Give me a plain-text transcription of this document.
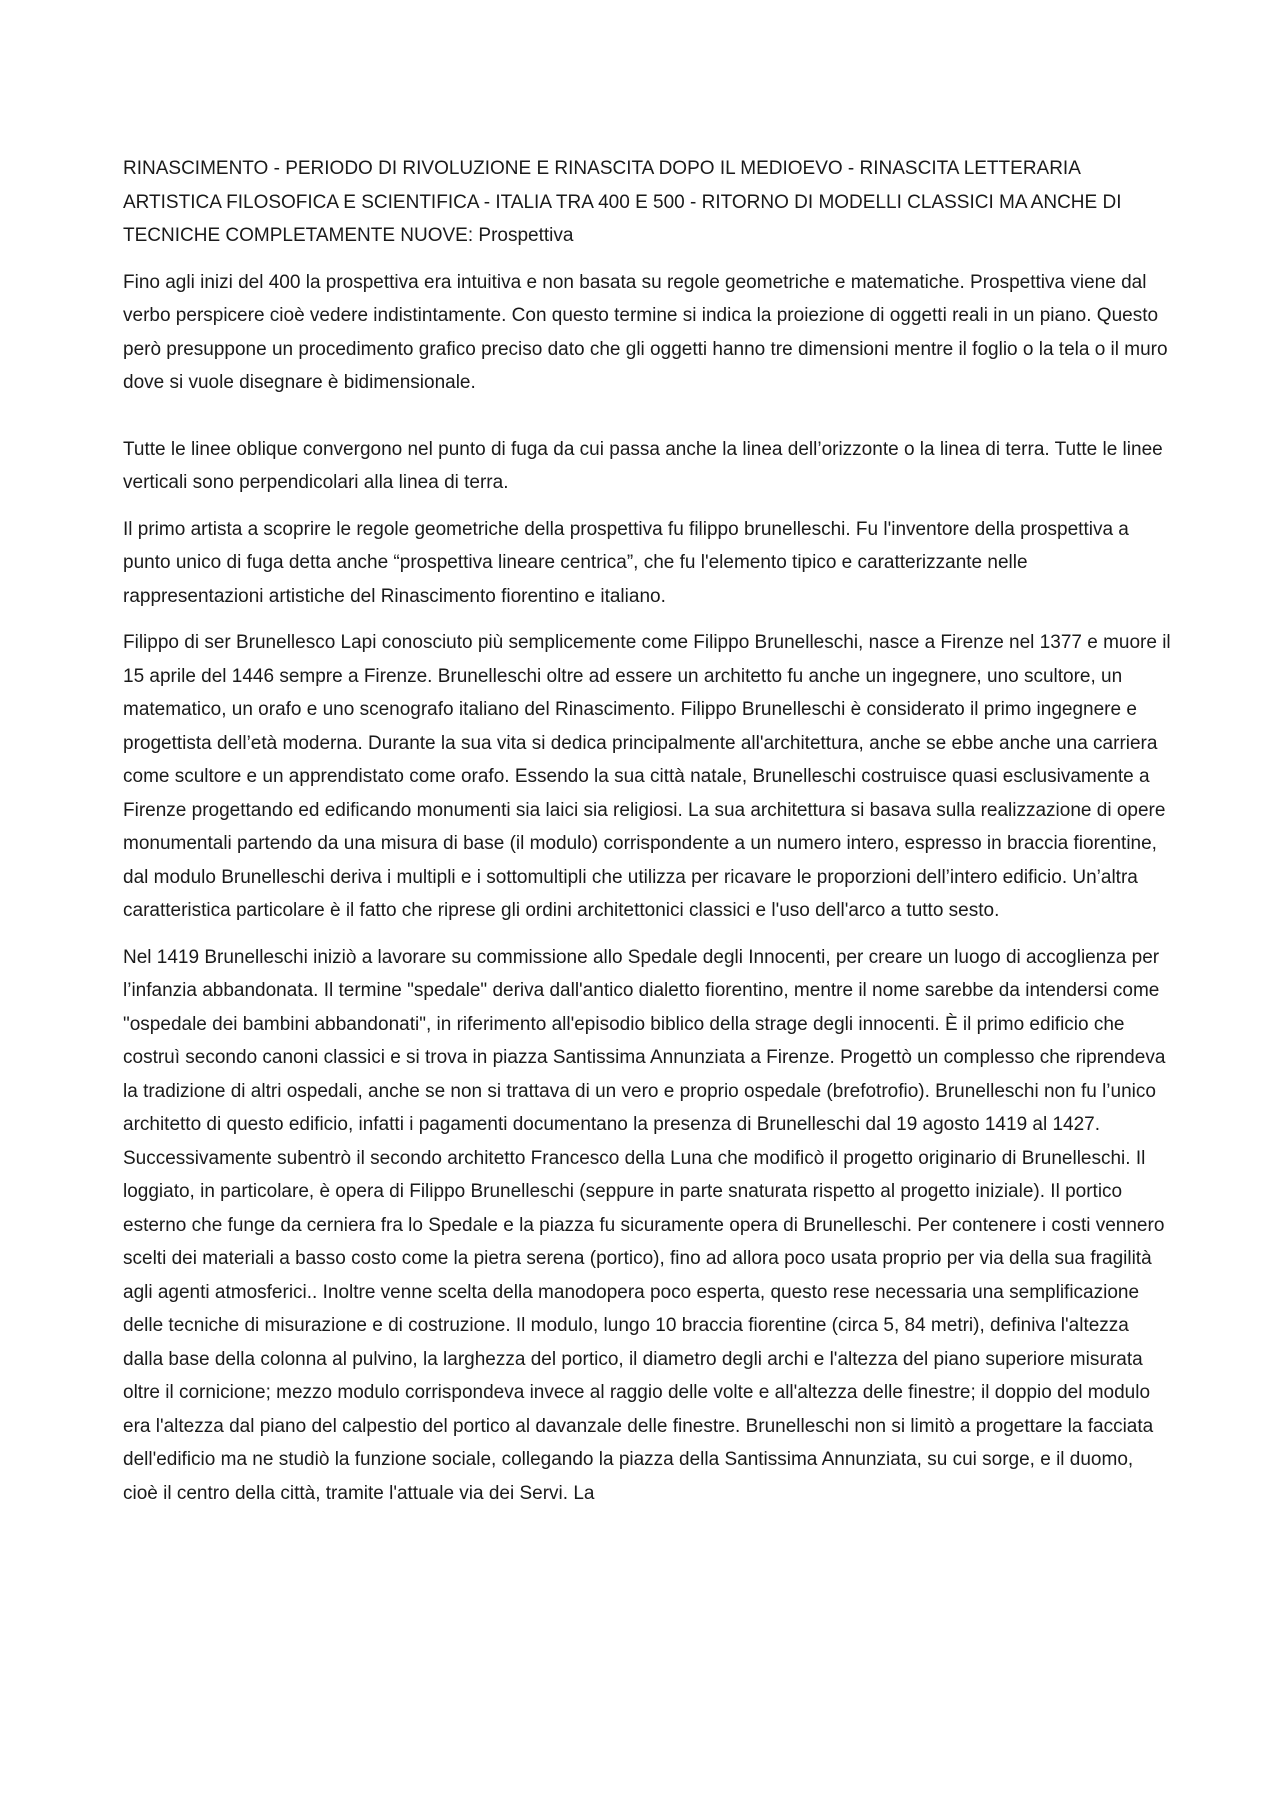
RINASCIMENTO - PERIODO DI RIVOLUZIONE E RINASCITA DOPO IL MEDIOEVO - RINASCITA LETTERARIA ARTISTICA FILOSOFICA E SCIENTIFICA - ITALIA TRA 400 E 500 - RITORNO DI MODELLI CLASSICI MA ANCHE DI TECNICHE COMPLETAMENTE NUOVE: Prospettiva

Fino agli inizi del 400 la prospettiva era intuitiva e non basata su regole geometriche e matematiche. Prospettiva viene dal verbo perspicere cioè vedere indistintamente. Con questo termine si indica la proiezione di oggetti reali in un piano. Questo però presuppone un procedimento grafico preciso dato che gli oggetti hanno tre dimensioni mentre il foglio o la tela o il muro dove si vuole disegnare è bidimensionale.

Tutte le linee oblique convergono nel punto di fuga da cui passa anche la linea dell’orizzonte o la linea di terra. Tutte le linee verticali sono perpendicolari alla linea di terra.

Il primo artista a scoprire le regole geometriche della prospettiva fu filippo brunelleschi. Fu l'inventore della prospettiva a punto unico di fuga detta anche “prospettiva lineare centrica”, che fu l'elemento tipico e caratterizzante nelle rappresentazioni artistiche del Rinascimento fiorentino e italiano.

Filippo di ser Brunellesco Lapi conosciuto più semplicemente come Filippo Brunelleschi, nasce a Firenze nel 1377 e muore il 15 aprile del 1446 sempre a Firenze. Brunelleschi oltre ad essere un architetto fu anche un ingegnere, uno scultore, un matematico, un orafo e uno scenografo italiano del Rinascimento. Filippo Brunelleschi è considerato il primo ingegnere e progettista dell’età moderna. Durante la sua vita si dedica principalmente all'architettura, anche se ebbe anche una carriera come scultore e un apprendistato come orafo. Essendo la sua città natale, Brunelleschi costruisce quasi esclusivamente a Firenze progettando ed edificando monumenti sia laici sia religiosi. La sua architettura si basava sulla realizzazione di opere monumentali partendo da una misura di base (il modulo) corrispondente a un numero intero, espresso in braccia fiorentine, dal modulo Brunelleschi deriva i multipli e i sottomultipli che utilizza per ricavare le proporzioni dell’intero edificio. Un’altra caratteristica particolare è il fatto che riprese gli ordini architettonici classici e l'uso dell'arco a tutto sesto.

Nel 1419 Brunelleschi iniziò a lavorare su commissione allo Spedale degli Innocenti, per creare un luogo di accoglienza per l’infanzia abbandonata. Il termine "spedale" deriva dall'antico dialetto fiorentino, mentre il nome sarebbe da intendersi come "ospedale dei bambini abbandonati", in riferimento all'episodio biblico della strage degli innocenti. È il primo edificio che costruì secondo canoni classici e si trova in piazza Santissima Annunziata a Firenze. Progettò un complesso che riprendeva la tradizione di altri ospedali, anche se non si trattava di un vero e proprio ospedale (brefotrofio). Brunelleschi non fu l’unico architetto di questo edificio, infatti i pagamenti documentano la presenza di Brunelleschi dal 19 agosto 1419 al 1427. Successivamente subentrò il secondo architetto Francesco della Luna che modificò il progetto originario di Brunelleschi. Il loggiato, in particolare, è opera di Filippo Brunelleschi (seppure in parte snaturata rispetto al progetto iniziale). Il portico esterno che funge da cerniera fra lo Spedale e la piazza fu sicuramente opera di Brunelleschi. Per contenere i costi vennero scelti dei materiali a basso costo come la pietra serena (portico), fino ad allora poco usata proprio per via della sua fragilità agli agenti atmosferici.. Inoltre venne scelta della manodopera poco esperta, questo rese necessaria una semplificazione delle tecniche di misurazione e di costruzione. Il modulo, lungo 10 braccia fiorentine (circa 5, 84 metri), definiva l'altezza dalla base della colonna al pulvino, la larghezza del portico, il diametro degli archi e l'altezza del piano superiore misurata oltre il cornicione; mezzo modulo corrispondeva invece al raggio delle volte e all'altezza delle finestre; il doppio del modulo era l'altezza dal piano del calpestio del portico al davanzale delle finestre. Brunelleschi non si limitò a progettare la facciata dell'edificio ma ne studiò la funzione sociale, collegando la piazza della Santissima Annunziata, su cui sorge, e il duomo, cioè il centro della città, tramite l'attuale via dei Servi. La
